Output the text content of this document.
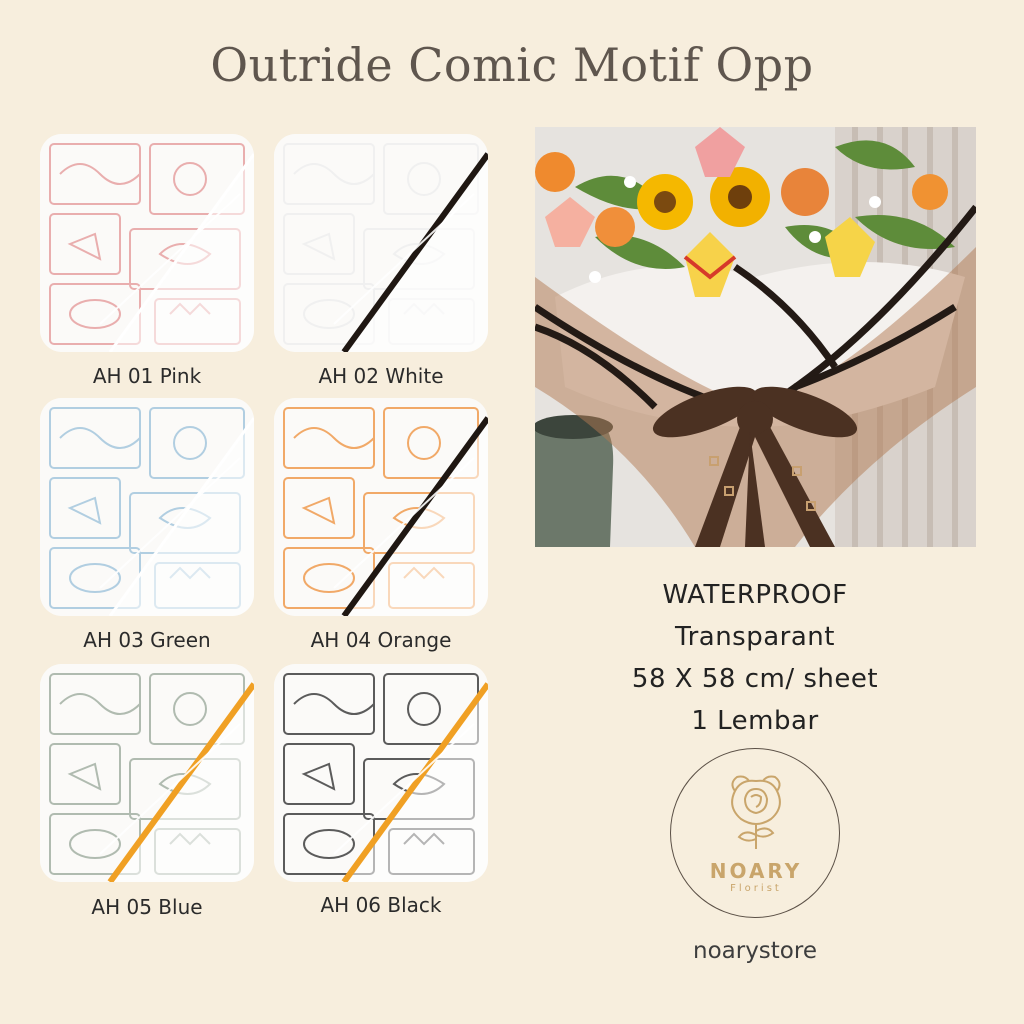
Outride Comic Motif Opp
AH 01 Pink	AH 02 White
AH 03 Green	AH 04 Orange
AH 05 Blue	AH 06 Black
WATERPROOF
Transparant
58 X 58 cm/ sheet
1 Lembar
NOARY
Florist
noarystore
